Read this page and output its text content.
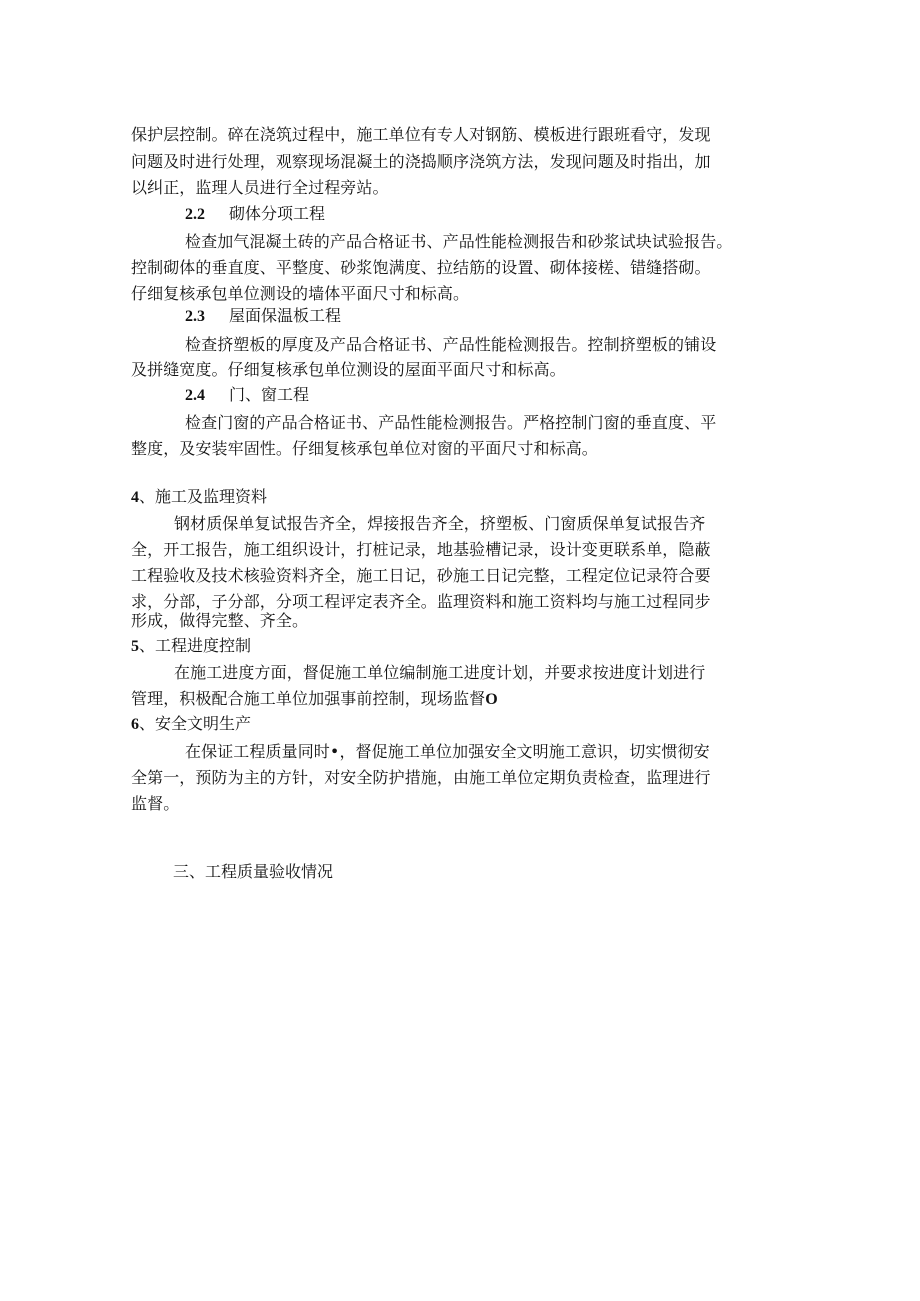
保护层控制。碎在浇筑过程中，施工单位有专人对钢筋、模板进行跟班看守，发现
问题及时进行处理，观察现场混凝土的浇捣顺序浇筑方法，发现问题及时指出，加
以纠正，监理人员进行全过程旁站。
2.2 砌体分项工程
检查加气混凝土砖的产品合格证书、产品性能检测报告和砂浆试块试验报告。
控制砌体的垂直度、平整度、砂浆饱满度、拉结筋的设置、砌体接槎、错缝搭砌。
仔细复核承包单位测设的墙体平面尺寸和标高。
2.3 屋面保温板工程
检查挤塑板的厚度及产品合格证书、产品性能检测报告。控制挤塑板的铺设
及拼缝宽度。仔细复核承包单位测设的屋面平面尺寸和标高。
2.4 门、窗工程
检查门窗的产品合格证书、产品性能检测报告。严格控制门窗的垂直度、平
整度，及安装牢固性。仔细复核承包单位对窗的平面尺寸和标高。
4、施工及监理资料
钢材质保单复试报告齐全，焊接报告齐全，挤塑板、门窗质保单复试报告齐
全，开工报告，施工组织设计，打桩记录，地基验槽记录，设计变更联系单，隐蔽
工程验收及技术核验资料齐全，施工日记，砂施工日记完整，工程定位记录符合要
求，分部，子分部，分项工程评定表齐全。监理资料和施工资料均与施工过程同步
形成，做得完整、齐全。
5、工程进度控制
在施工进度方面，督促施工单位编制施工进度计划，并要求按进度计划进行
管理，积极配合施工单位加强事前控制，现场监督O
6、安全文明生产
在保证工程质量同时•，督促施工单位加强安全文明施工意识，切实惯彻安
全第一，预防为主的方针，对安全防护措施，由施工单位定期负责检查，监理进行
监督。
三、工程质量验收情况
